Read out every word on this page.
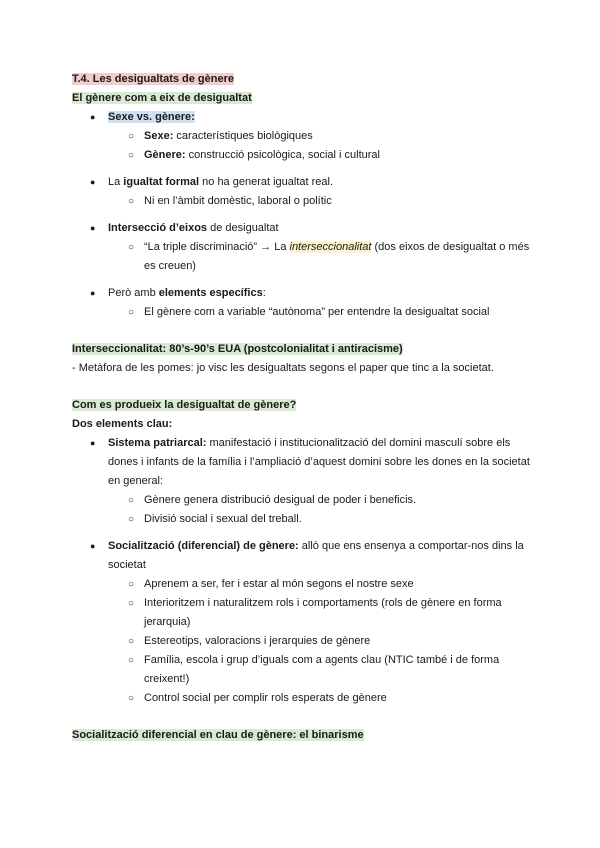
T.4. Les desigualtats de gènere
El gènere com a eix de desigualtat
● Sexe vs. gènere:
○ Sexe: característiques biològiques
○ Gènere: construcció psicològica, social i cultural
● La igualtat formal no ha generat igualtat real.
○ Ni en l’àmbit domèstic, laboral o polític
● Intersecció d’eixos de desigualtat
○ “La triple discriminació” → La interseccionalitat (dos eixos de desigualtat o més es creuen)
● Però amb elements específics:
○ El gènere com a variable “autònoma” per entendre la desigualtat social
Interseccionalitat: 80’s-90’s EUA (postcolonialitat i antiracisme)
- Metàfora de les pomes: jo visc les desigualtats segons el paper que tinc a la societat.
Com es produeix la desigualtat de gènere?
Dos elements clau:
● Sistema patriarcal: manifestació i institucionalització del domini masculí sobre els dones i infants de la família i l’ampliació d’aquest domini sobre les dones en la societat en general:
○ Gènere genera distribució desigual de poder i beneficis.
○ Divisió social i sexual del treball.
● Socialització (diferencial) de gènere: allò que ens ensenya a comportar-nos dins la societat
○ Aprenem a ser, fer i estar al món segons el nostre sexe
○ Interioritzem i naturalitzem rols i comportaments (rols de gènere en forma jerarquia)
○ Estereotips, valoracions i jerarquies de gènere
○ Família, escola i grup d’iguals com a agents clau (NTIC també i de forma creixent!)
○ Control social per complir rols esperats de gènere
Socialització diferencial en clau de gènere: el binarisme
